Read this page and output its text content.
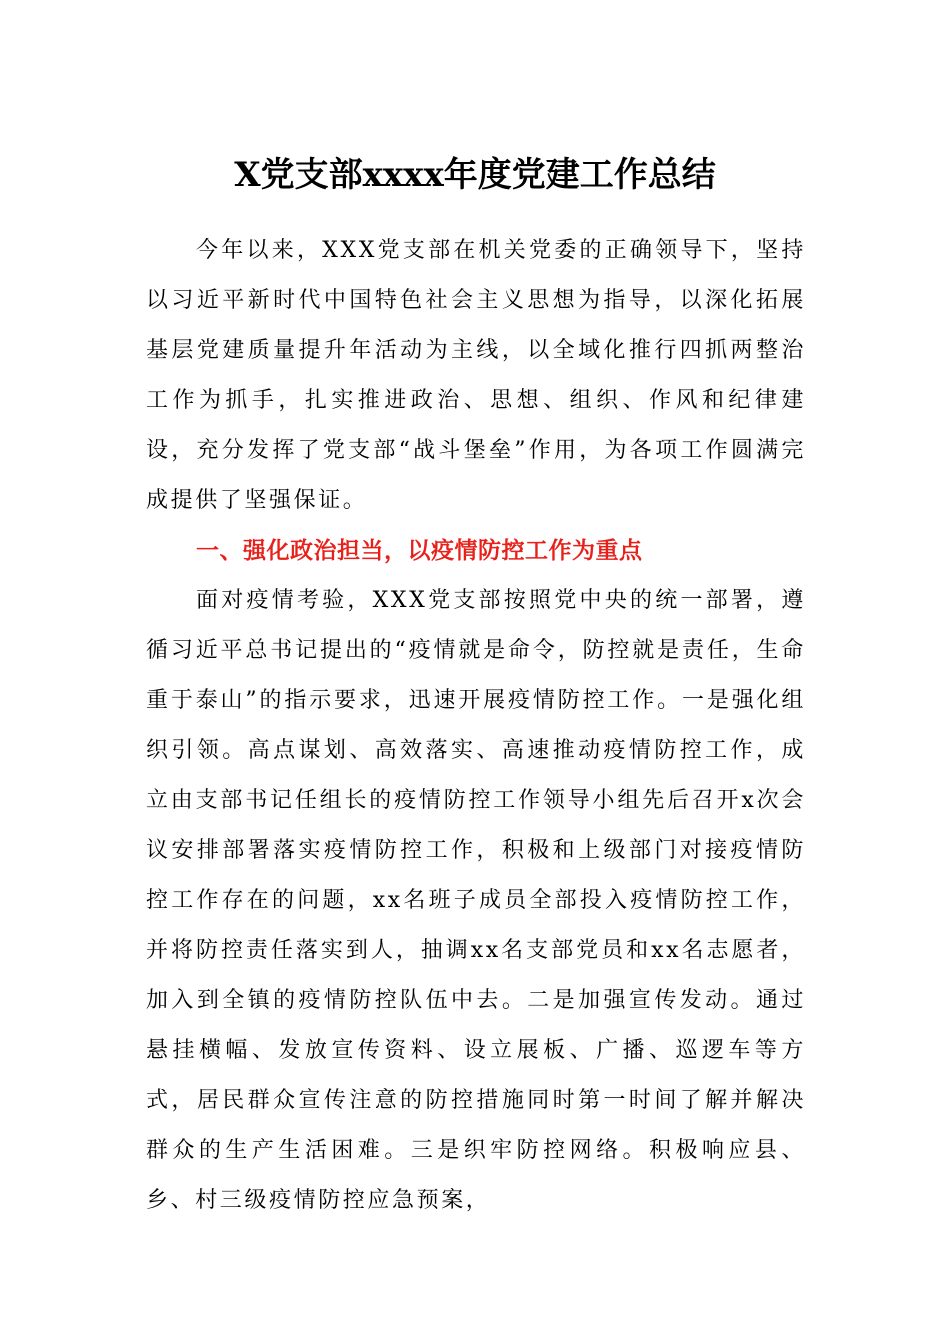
X党支部xxxx年度党建工作总结

今年以来，XXX党支部在机关党委的正确领导下，坚持以习近平新时代中国特色社会主义思想为指导，以深化拓展基层党建质量提升年活动为主线，以全域化推行四抓两整治工作为抓手，扎实推进政治、思想、组织、作风和纪律建设，充分发挥了党支部“战斗堡垒”作用，为各项工作圆满完成提供了坚强保证。

一、强化政治担当，以疫情防控工作为重点

面对疫情考验，XXX党支部按照党中央的统一部署，遵循习近平总书记提出的“疫情就是命令，防控就是责任，生命重于泰山”的指示要求，迅速开展疫情防控工作。一是强化组织引领。高点谋划、高效落实、高速推动疫情防控工作，成立由支部书记任组长的疫情防控工作领导小组先后召开x次会议安排部署落实疫情防控工作，积极和上级部门对接疫情防控工作存在的问题，xx名班子成员全部投入疫情防控工作，并将防控责任落实到人，抽调xx名支部党员和xx名志愿者，加入到全镇的疫情防控队伍中去。二是加强宣传发动。通过悬挂横幅、发放宣传资料、设立展板、广播、巡逻车等方式，居民群众宣传注意的防控措施同时第一时间了解并解决群众的生产生活困难。三是织牢防控网络。积极响应县、乡、村三级疫情防控应急预案，
